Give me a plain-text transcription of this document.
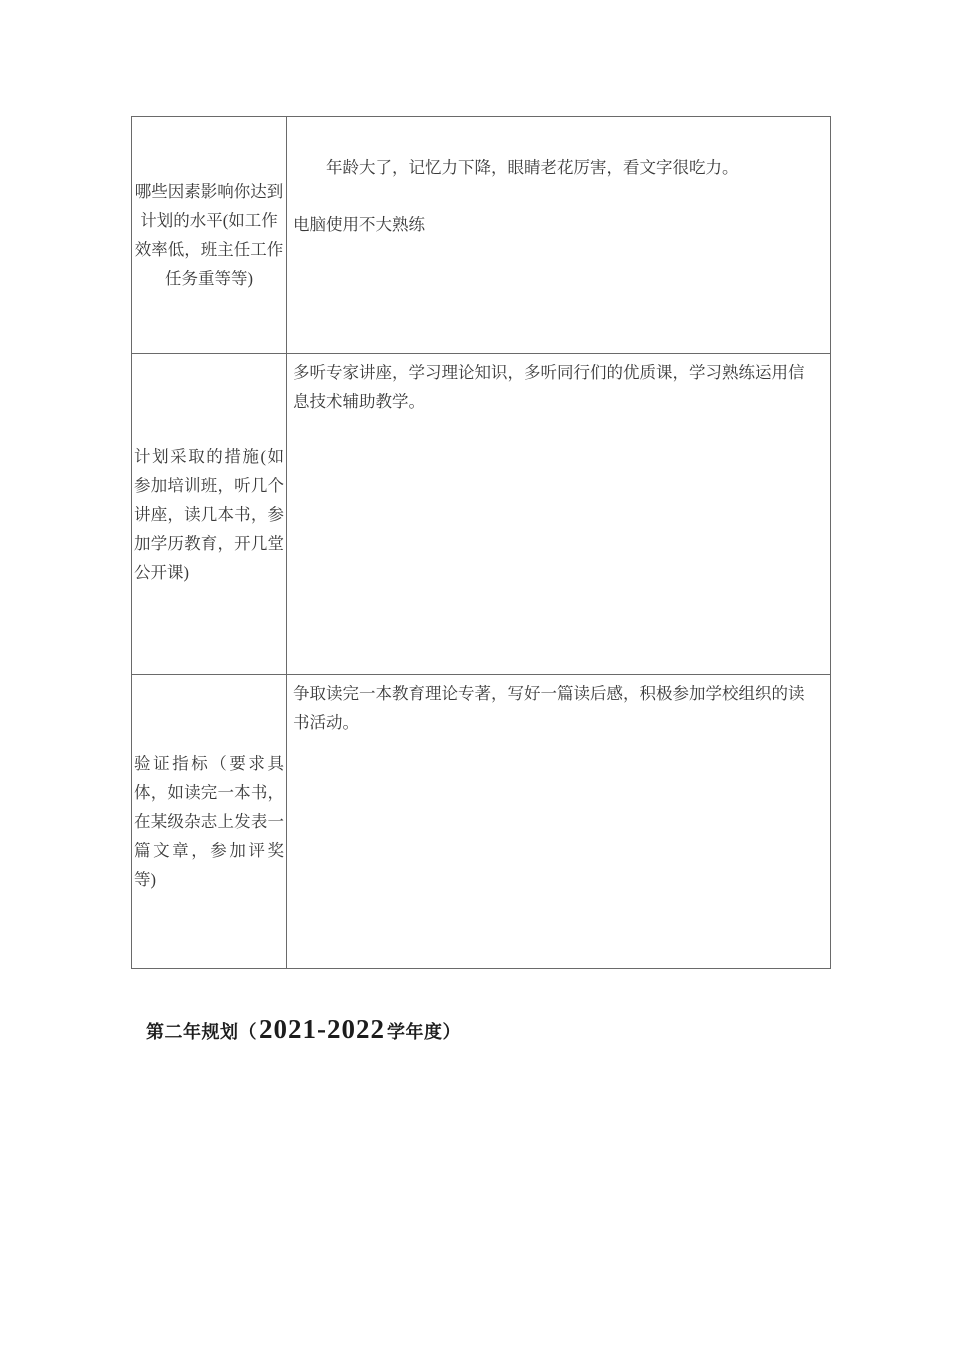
哪些因素影响你达到计划的水平(如工作效率低，班主任工作任务重等等)	年龄大了，记忆力下降，眼睛老花厉害，看文字很吃力。

电脑使用不大熟练

计划采取的措施(如参加培训班，听几个讲座，读几本书，参加学历教育，开几堂公开课)	多听专家讲座，学习理论知识，多听同行们的优质课，学习熟练运用信息技术辅助教学。

验证指标（要求具体，如读完一本书，在某级杂志上发表一篇文章，参加评奖等)	争取读完一本教育理论专著，写好一篇读后感，积极参加学校组织的读书活动。

第二年规划（ 2021-2022 学年度）
